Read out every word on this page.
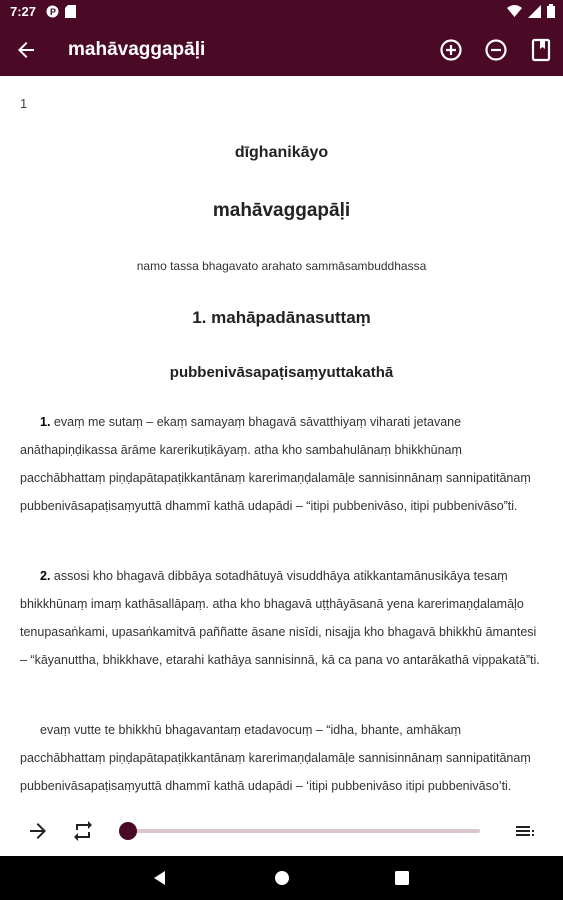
7:27 P
mahāvaggapāḷi
1
dīghanikāyo
mahāvaggapāḷi
namo tassa bhagavato arahato sammāsambuddhassa
1. mahāpadānasuttaṃ
pubbenivāsapaṭisaṃyuttakathā
1. evaṃ me sutaṃ – ekaṃ samayaṃ bhagavā sāvatthiyaṃ viharati jetavane anāthapiṇḍikassa ārāme karerikuṭikāyaṃ. atha kho sambahulānaṃ bhikkhūnaṃ pacchābhattaṃ piṇḍapātapaṭikkantānaṃ karerimaṇḍalamāḷe sannisinnānaṃ sannipatitānaṃ pubbenivāsapaṭisaṃyuttā dhammī kathā udapādi – “itipi pubbenivāso, itipi pubbenivāso”ti.
2. assosi kho bhagavā dibbāya sotadhātuyā visuddhāya atikkantamānusikāya tesaṃ bhikkhūnaṃ imaṃ kathāsallāpaṃ. atha kho bhagavā uṭṭhāyāsanā yena karerimaṇḍalamāḷo tenupasaṅkami, upasaṅkamitvā paññatte āsane nisīdi, nisajja kho bhagavā bhikkhū āmantesi – “kāyanuttha, bhikkhave, etarahi kathāya sannisinnā, kā ca pana vo antarākathā vippakatā”ti.
evaṃ vutte te bhikkhū bhagavantaṃ etadavocuṃ – “idha, bhante, amhākaṃ pacchābhattaṃ piṇḍapātapaṭikkantānaṃ karerimaṇḍalamāḷe sannisinnānaṃ sannipatitānaṃ pubbenivāsapaṭisaṃyuttā dhammī kathā udapādi – ‘itipi pubbenivāso itipi pubbenivāso’ti.
